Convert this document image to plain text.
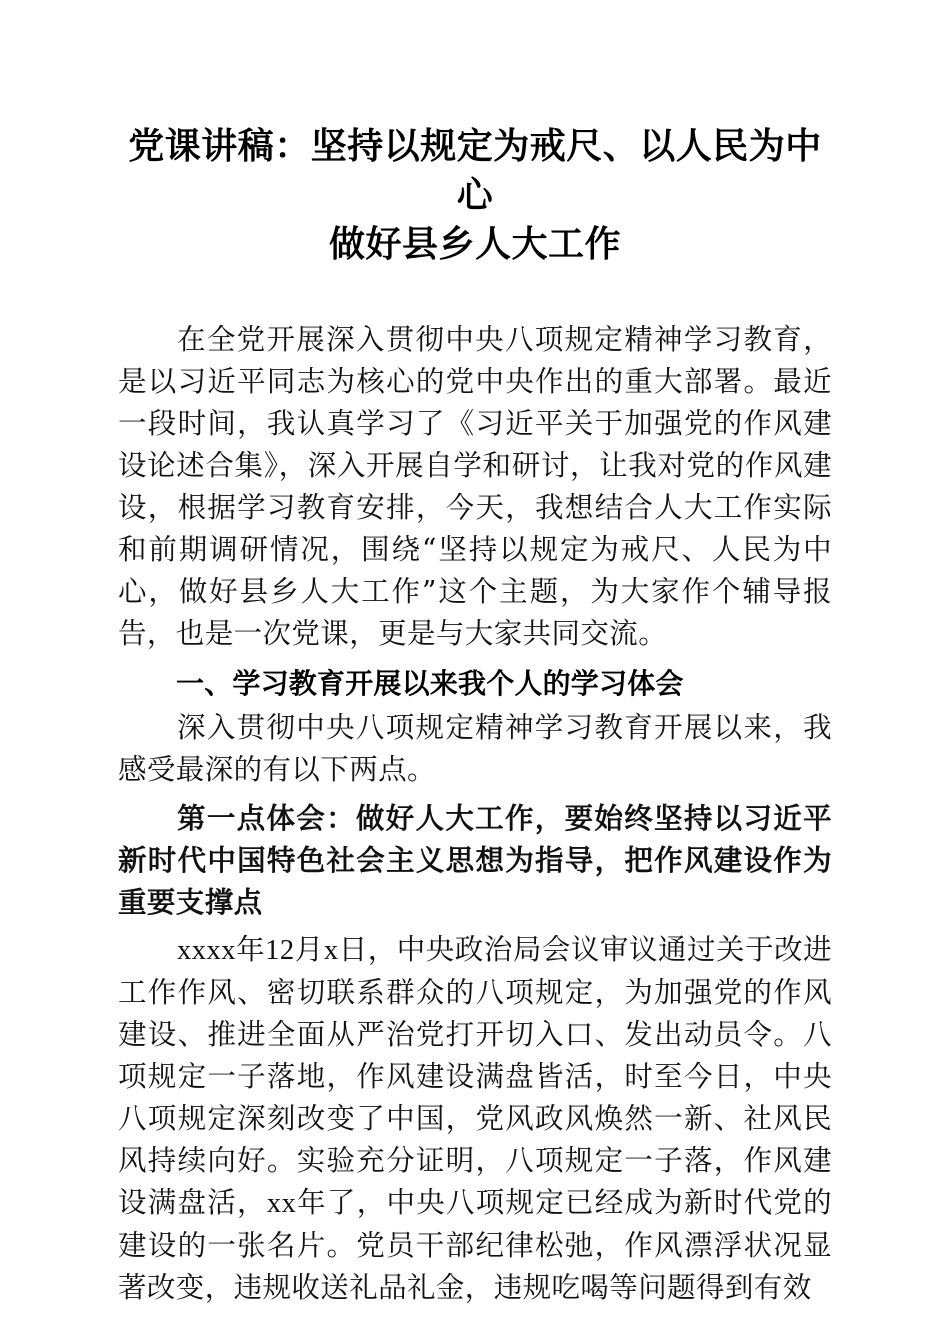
党课讲稿：坚持以规定为戒尺、以人民为中心
做好县乡人大工作

在全党开展深入贯彻中央八项规定精神学习教育，是以习近平同志为核心的党中央作出的重大部署。最近一段时间，我认真学习了《习近平关于加强党的作风建设论述合集》，深入开展自学和研讨，让我对党的作风建设，根据学习教育安排，今天，我想结合人大工作实际和前期调研情况，围绕“坚持以规定为戒尺、人民为中心，做好县乡人大工作”这个主题，为大家作个辅导报告，也是一次党课，更是与大家共同交流。

一、学习教育开展以来我个人的学习体会

深入贯彻中央八项规定精神学习教育开展以来，我感受最深的有以下两点。

第一点体会：做好人大工作，要始终坚持以习近平新时代中国特色社会主义思想为指导，把作风建设作为重要支撑点

xxxx年12月x日，中央政治局会议审议通过关于改进工作作风、密切联系群众的八项规定，为加强党的作风建设、推进全面从严治党打开切入口、发出动员令。八项规定一子落地，作风建设满盘皆活，时至今日，中央八项规定深刻改变了中国，党风政风焕然一新、社风民风持续向好。实验充分证明，八项规定一子落，作风建设满盘活，xx年了，中央八项规定已经成为新时代党的建设的一张名片。党员干部纪律松弛，作风漂浮状况显著改变，违规收送礼品礼金，违规吃喝等问题得到有效
